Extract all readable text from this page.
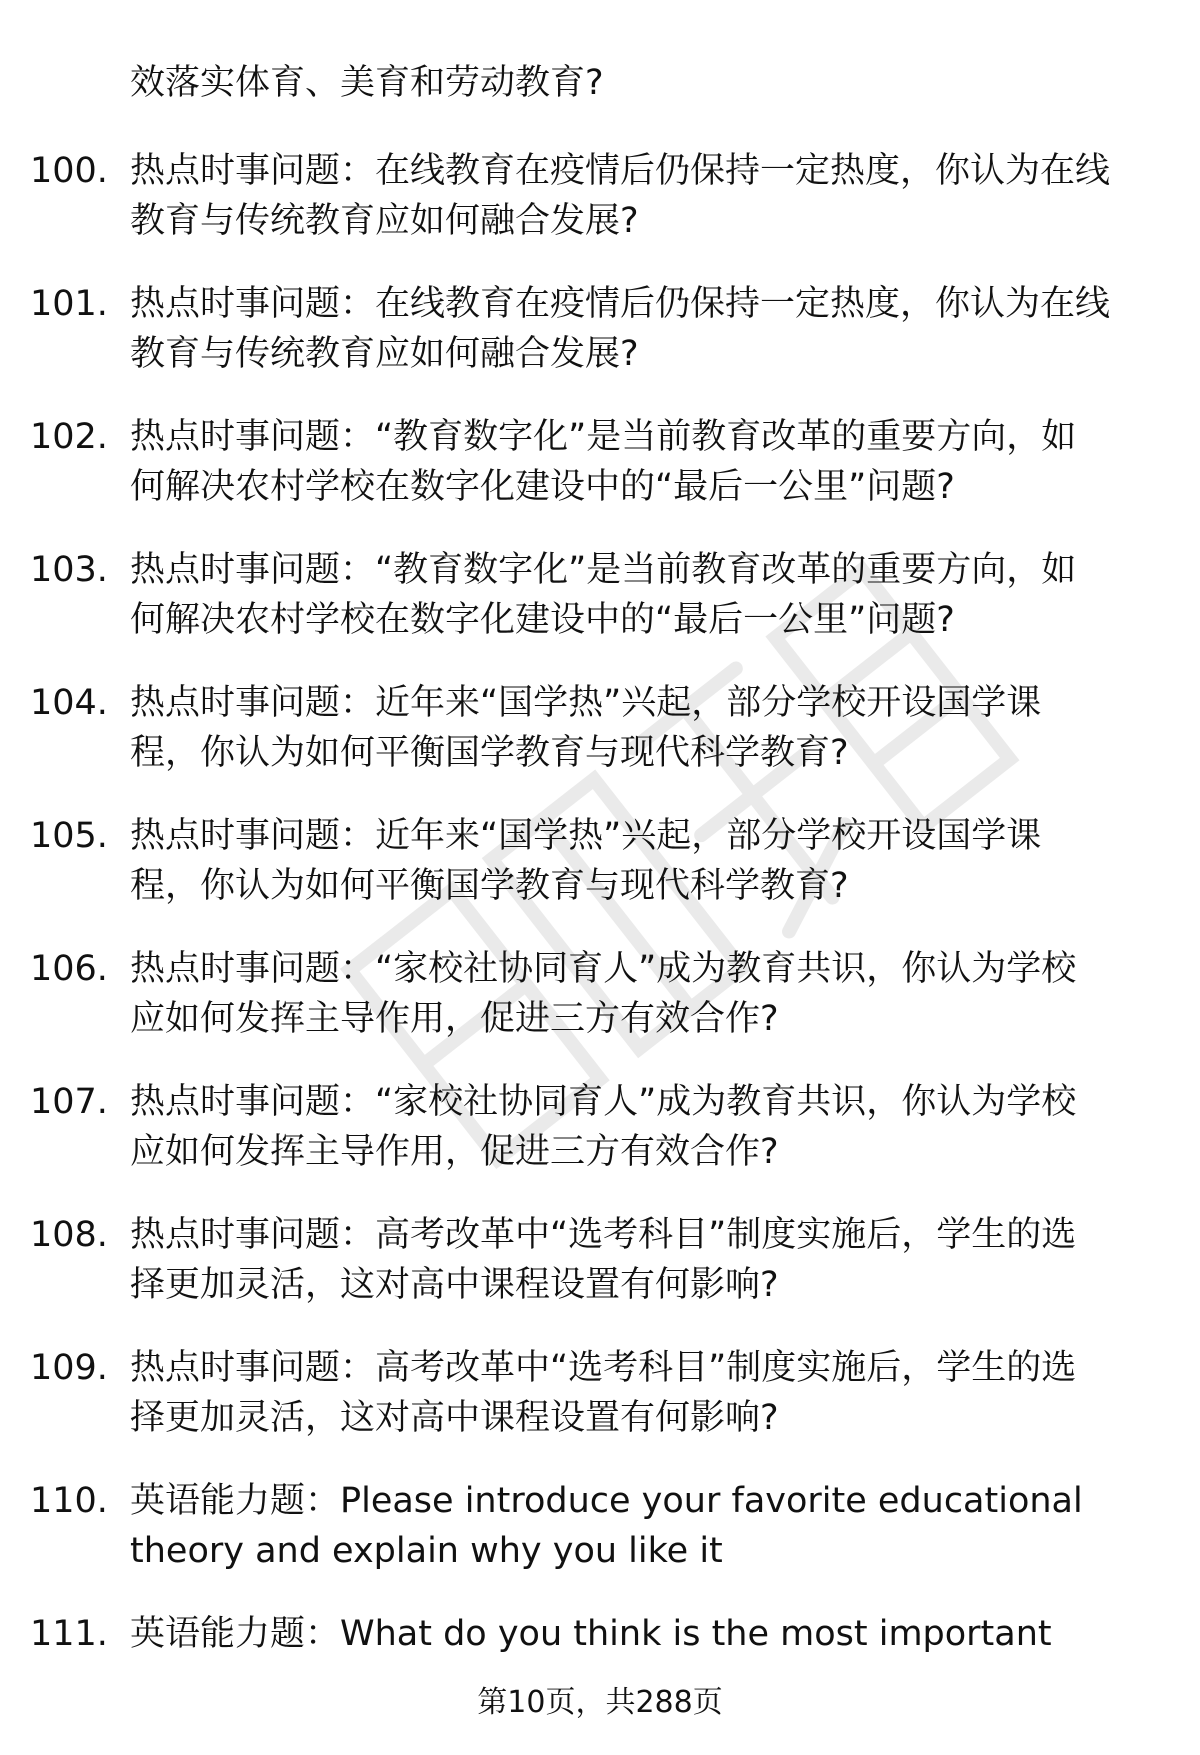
效落实体育、美育和劳动教育?

100. 热点时事问题：在线教育在疫情后仍保持一定热度，你认为在线
教育与传统教育应如何融合发展?
101. 热点时事问题：在线教育在疫情后仍保持一定热度，你认为在线
教育与传统教育应如何融合发展?
102. 热点时事问题：“教育数字化”是当前教育改革的重要方向，如
何解决农村学校在数字化建设中的“最后一公里”问题?
103. 热点时事问题：“教育数字化”是当前教育改革的重要方向，如
何解决农村学校在数字化建设中的“最后一公里”问题?
104. 热点时事问题：近年来“国学热”兴起，部分学校开设国学课
程，你认为如何平衡国学教育与现代科学教育?
105. 热点时事问题：近年来“国学热”兴起，部分学校开设国学课
程，你认为如何平衡国学教育与现代科学教育?
106. 热点时事问题：“家校社协同育人”成为教育共识，你认为学校
应如何发挥主导作用，促进三方有效合作?
107. 热点时事问题：“家校社协同育人”成为教育共识，你认为学校
应如何发挥主导作用，促进三方有效合作?
108. 热点时事问题：高考改革中“选考科目”制度实施后，学生的选
择更加灵活，这对高中课程设置有何影响?
109. 热点时事问题：高考改革中“选考科目”制度实施后，学生的选
择更加灵活，这对高中课程设置有何影响?
110. 英语能力题：Please introduce your favorite educational
theory and explain why you like it
111. 英语能力题：What do you think is the most important
第10页，共288页
